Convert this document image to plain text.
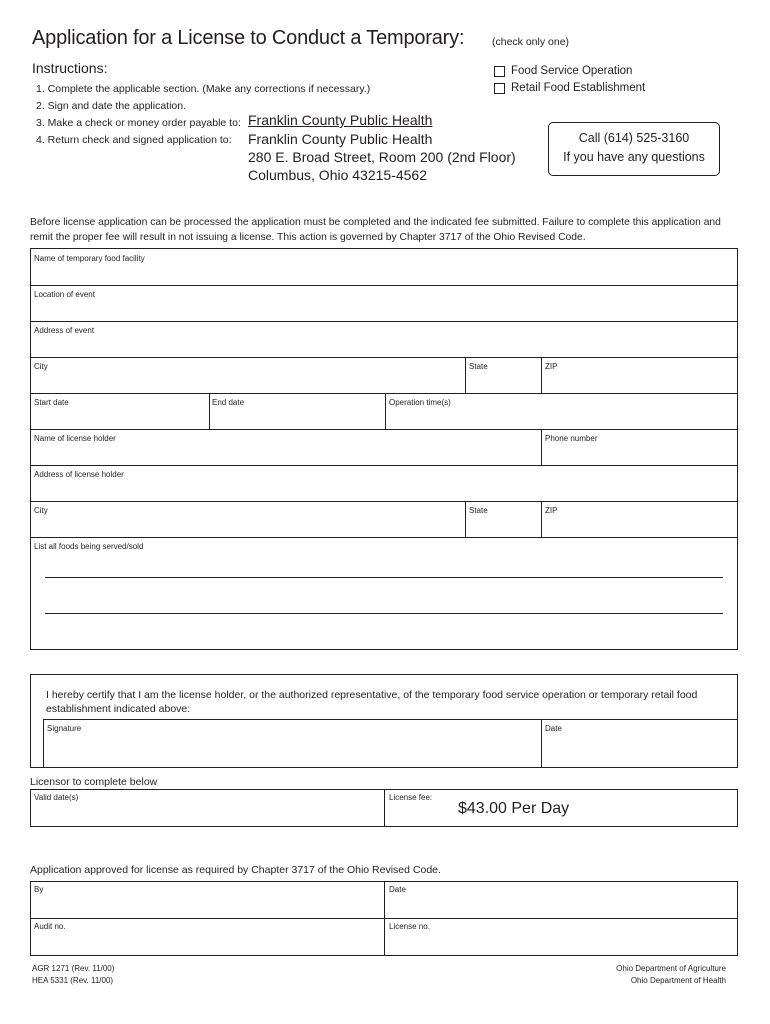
Application for a License to Conduct a Temporary:	(check only one)
Food Service Operation
Retail Food Establishment
Instructions:
1. Complete the applicable section. (Make any corrections if necessary.)
2. Sign and date the application.
3. Make a check or money order payable to:
4. Return check and signed application to:
Franklin County Public Health
Franklin County Public Health
280 E. Broad Street, Room 200 (2nd Floor)
Columbus, Ohio 43215-4562
Call (614) 525-3160
If you have any questions
Before license application can be processed the application must be completed and the indicated fee submitted. Failure to complete this application and remit the proper fee will result in not issuing a license. This action is governed by Chapter 3717 of the Ohio Revised Code.
Name of temporary food facility
Location of event
Address of event
City	State	ZIP
Start date	End date	Operation time(s)
Name of license holder	Phone number
Address of license holder
City	State	ZIP
List all foods being served/sold
I hereby certify that I am the license holder, or the authorized representative, of the temporary food service operation or temporary retail food establishment indicated above:
Signature	Date
Licensor to complete below
Valid date(s)	License fee:
$43.00 Per Day
Application approved for license as required by Chapter 3717 of the Ohio Revised Code.
By	Date
Audit no.	License no.
AGR 1271 (Rev. 11/00)
HEA 5331 (Rev. 11/00)
Ohio Department of Agriculture
Ohio Department of Health
